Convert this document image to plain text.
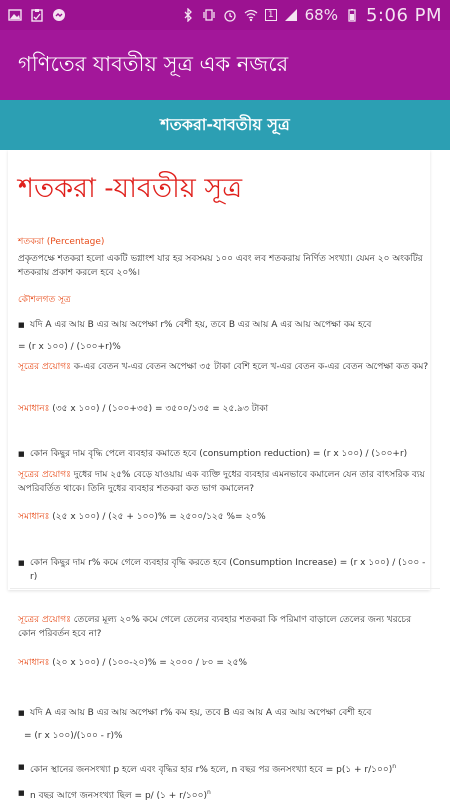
1 68% 5:06 PM
গণিতের যাবতীয় সূত্র এক নজরে
শতকরা-যাবতীয় সূত্র
শতকরা -যাবতীয় সূত্র
শতকরা (Percentage)
প্রকৃতপক্ষে শতকরা হলো একটি ভগ্নাংশ যার হর সবসময় ১০০ এবং লব শতকরায় নির্ণিত সংখ্যা। যেমন ২০ অংকটির শতকরায় প্রকাশ করলে হবে ২০%।
কৌশলগত সূত্র
■ যদি A এর আয় B এর আয় অপেক্ষা r% বেশী হয়, তবে B এর আয় A এর আয় অপেক্ষা কম হবে
= (r x ১০০) / (১০০+r)%
সূত্রের প্রয়োগঃ ক-এর বেতন খ-এর বেতন অপেক্ষা ৩৫ টাকা বেশি হলে খ-এর বেতন ক-এর বেতন অপেক্ষা কত কম?
সমাধানঃ (৩৫ x ১০০) / (১০০+৩৫) = ৩৫০০/১৩৫ = ২৫.৯৩ টাকা
■ কোন কিছুর দাম বৃদ্ধি পেলে ব্যবহার কমাতে হবে (consumption reduction) = (r x ১০০) / (১০০+r)
সূত্রের প্রয়োগঃ দুধের দাম ২৫% বেড়ে যাওয়ায় এক ব্যক্তি দুধের ব্যবহার এমনভাবে কমালেন যেন তার বাৎসরিক ব্যয় অপরিবর্তিত থাকে। তিনি দুধের ব্যবহার শতকরা কত ভাগ কমালেন?
সমাধানঃ (২৫ x ১০০) / (২৫ + ১০০)% = ২৫০০/১২৫ %= ২০%
■ কোন কিছুর দাম r% কমে গেলে ব্যবহার বৃদ্ধি করতে হবে (Consumption Increase) = (r x ১০০) / (১০০ - r)
সূত্রের প্রয়োগঃ তেলের মূল্য ২০% কমে গেলে তেলের ব্যবহার শতকরা কি পরিমাণ বাড়ালে তেলের জন্য খরচের কোন পরিবর্তন হবে না?
সমাধানঃ (২০ x ১০০) / (১০০-২০)% = ২০০০ / ৮০ = ২৫%
■ যদি A এর আয় B এর আয় অপেক্ষা r% কম হয়, তবে B এর আয় A এর আয় অপেক্ষা বেশী হবে
= (r x ১০০)/(১০০ - r)%
■ কোন স্থানের জনসংখ্যা p হলে এবং বৃদ্ধির হার r% হলে, n বছর পর জনসংখ্যা হবে = p(১ + r/১০০)$^n$
■ n বছর আগে জনসংখ্যা ছিল = p/ (১ + r/১০০)$^n$
